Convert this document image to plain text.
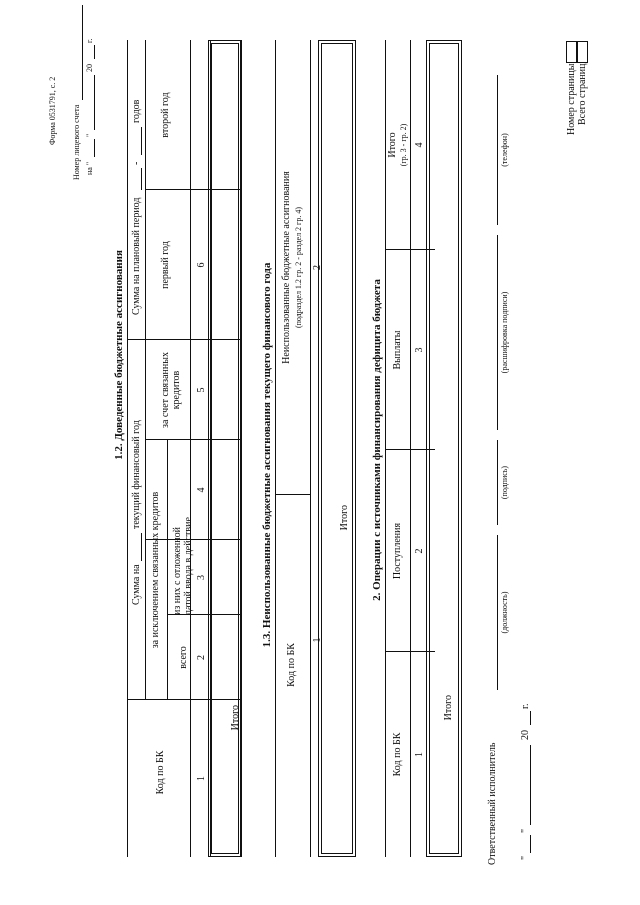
Форма 0531791, с. 2 Номер лицевого счета на "
"
20
г.
1.2. Доведенные бюджетные ассигнования
Код по БК
Сумма на
текущий финансовый год
Сумма на плановый период
-
годов
за исключением связанных кредитов
всего
из них с отложенной датой ввода в действие
за счет связанных кредитов
первый год
второй год
1
2
3
4
5
6
Итого
1.3. Неиспользованные бюджетные ассигнования текущего финансового года
Код по БК
Неиспользованные бюджетные ассигнования (подраздел 1.2 гр. 2 - раздел 2 гр. 4)
1
2
Итого 2. Операции с источниками финансирования дефицита бюджета
Код по БК
Поступления
Выплаты
Итого (гр. 3 - гр. 2)
1
2
3
4
Итого
Ответственный исполнитель
(должность)
(подпись)
(расшифровка подписи)
(телефон)
"
"
20
г.
Номер страницы Всего страниц
